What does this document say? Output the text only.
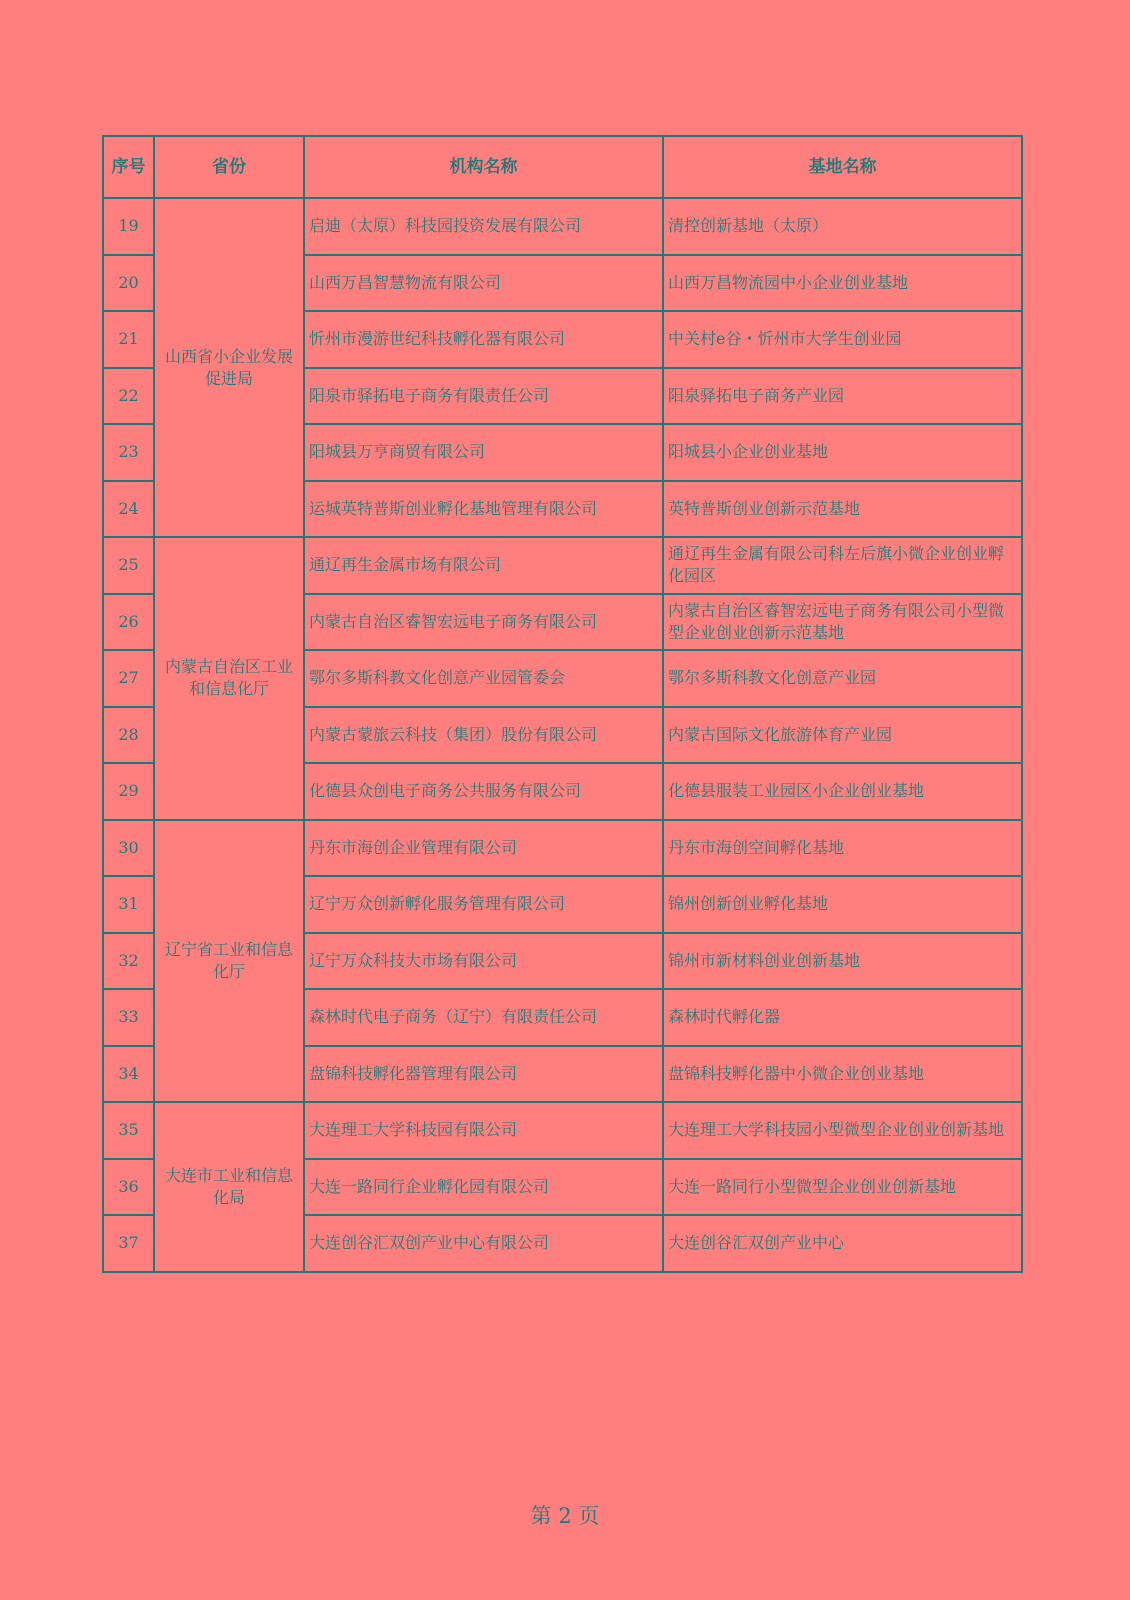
序号	省份	机构名称	基地名称
19	山西省小企业发展促进局	启迪（太原）科技园投资发展有限公司	清控创新基地（太原）
20		山西万昌智慧物流有限公司	山西万昌物流园中小企业创业基地
21		忻州市漫游世纪科技孵化器有限公司	中关村e谷・忻州市大学生创业园
22		阳泉市驿拓电子商务有限责任公司	阳泉驿拓电子商务产业园
23		阳城县万亨商贸有限公司	阳城县小企业创业基地
24		运城英特普斯创业孵化基地管理有限公司	英特普斯创业创新示范基地
25	内蒙古自治区工业和信息化厅	通辽再生金属市场有限公司	通辽再生金属有限公司科左后旗小微企业创业孵化园区
26		内蒙古自治区睿智宏远电子商务有限公司	内蒙古自治区睿智宏远电子商务有限公司小型微型企业创业创新示范基地
27		鄂尔多斯科教文化创意产业园管委会	鄂尔多斯科教文化创意产业园
28		内蒙古蒙旅云科技（集团）股份有限公司	内蒙古国际文化旅游体育产业园
29		化德县众创电子商务公共服务有限公司	化德县服装工业园区小企业创业基地
30	辽宁省工业和信息化厅	丹东市海创企业管理有限公司	丹东市海创空间孵化基地
31		辽宁万众创新孵化服务管理有限公司	锦州创新创业孵化基地
32		辽宁万众科技大市场有限公司	锦州市新材料创业创新基地
33		森林时代电子商务（辽宁）有限责任公司	森林时代孵化器
34		盘锦科技孵化器管理有限公司	盘锦科技孵化器中小微企业创业基地
35	大连市工业和信息化局	大连理工大学科技园有限公司	大连理工大学科技园小型微型企业创业创新基地
36		大连一路同行企业孵化园有限公司	大连一路同行小型微型企业创业创新基地
37		大连创谷汇双创产业中心有限公司	大连创谷汇双创产业中心
第 2 页
